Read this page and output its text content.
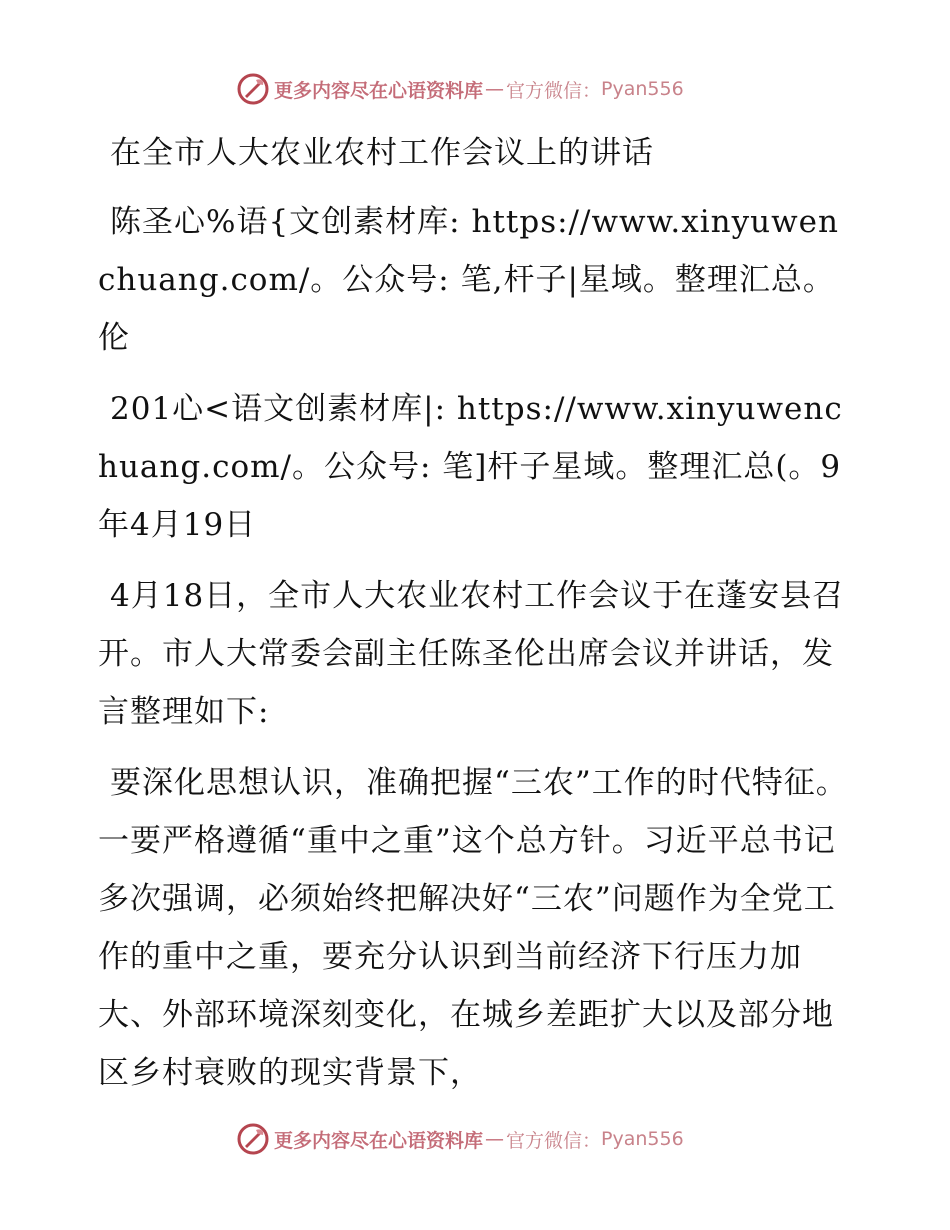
更多内容尽在心语资料库 — 官方微信： Pyan556

在全市人大农业农村工作会议上的讲话

陈圣心%语{文创素材库: https://www.xinyuwenchuang.com/。公众号: 笔,杆子|星域。整理汇总。伦

201心<语文创素材库|: https://www.xinyuwenchuang.com/。公众号: 笔]杆子星域。整理汇总(。9年4月19日

4月18日，全市人大农业农村工作会议于在蓬安县召开。市人大常委会副主任陈圣伦出席会议并讲话，发言整理如下:

要深化思想认识，准确把握“三农”工作的时代特征。一要严格遵循“重中之重”这个总方针。习近平总书记多次强调，必须始终把解决好“三农”问题作为全党工作的重中之重，要充分认识到当前经济下行压力加大、外部环境深刻变化，在城乡差距扩大以及部分地区乡村衰败的现实背景下，

更多内容尽在心语资料库 — 官方微信： Pyan556
